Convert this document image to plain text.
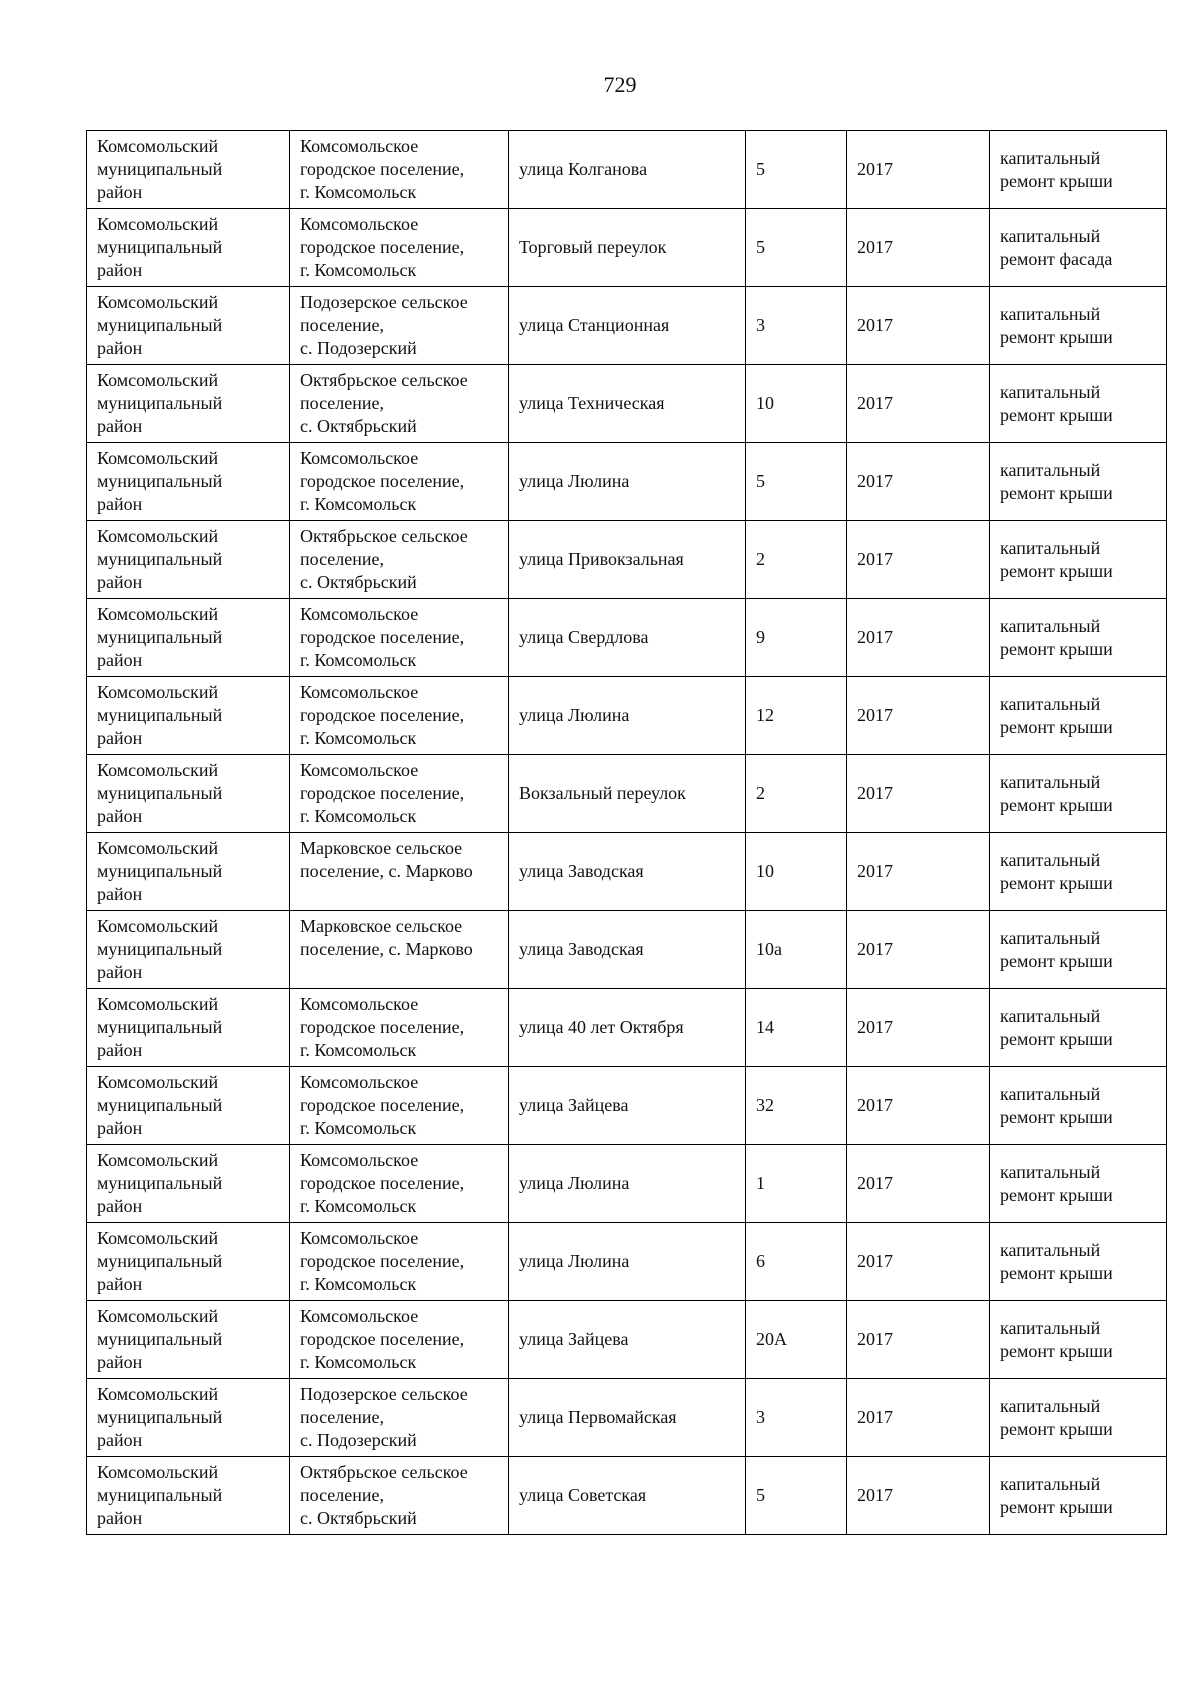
729
Комсомольский
муниципальный
район	Комсомольское
городское поселение,
г. Комсомольск	улица Колганова	5	2017	капитальный
ремонт крыши
Комсомольский
муниципальный
район	Комсомольское
городское поселение,
г. Комсомольск	Торговый переулок	5	2017	капитальный
ремонт фасада
Комсомольский
муниципальный
район	Подозерское сельское
поселение,
с. Подозерский	улица Станционная	3	2017	капитальный
ремонт крыши
Комсомольский
муниципальный
район	Октябрьское сельское
поселение,
с. Октябрьский	улица Техническая	10	2017	капитальный
ремонт крыши
Комсомольский
муниципальный
район	Комсомольское
городское поселение,
г. Комсомольск	улица Люлина	5	2017	капитальный
ремонт крыши
Комсомольский
муниципальный
район	Октябрьское сельское
поселение,
с. Октябрьский	улица Привокзальная	2	2017	капитальный
ремонт крыши
Комсомольский
муниципальный
район	Комсомольское
городское поселение,
г. Комсомольск	улица Свердлова	9	2017	капитальный
ремонт крыши
Комсомольский
муниципальный
район	Комсомольское
городское поселение,
г. Комсомольск	улица Люлина	12	2017	капитальный
ремонт крыши
Комсомольский
муниципальный
район	Комсомольское
городское поселение,
г. Комсомольск	Вокзальный переулок	2	2017	капитальный
ремонт крыши
Комсомольский
муниципальный
район	Марковское сельское
поселение, с. Марково	улица Заводская	10	2017	капитальный
ремонт крыши
Комсомольский
муниципальный
район	Марковское сельское
поселение, с. Марково	улица Заводская	10а	2017	капитальный
ремонт крыши
Комсомольский
муниципальный
район	Комсомольское
городское поселение,
г. Комсомольск	улица 40 лет Октября	14	2017	капитальный
ремонт крыши
Комсомольский
муниципальный
район	Комсомольское
городское поселение,
г. Комсомольск	улица Зайцева	32	2017	капитальный
ремонт крыши
Комсомольский
муниципальный
район	Комсомольское
городское поселение,
г. Комсомольск	улица Люлина	1	2017	капитальный
ремонт крыши
Комсомольский
муниципальный
район	Комсомольское
городское поселение,
г. Комсомольск	улица Люлина	6	2017	капитальный
ремонт крыши
Комсомольский
муниципальный
район	Комсомольское
городское поселение,
г. Комсомольск	улица Зайцева	20А	2017	капитальный
ремонт крыши
Комсомольский
муниципальный
район	Подозерское сельское
поселение,
с. Подозерский	улица Первомайская	3	2017	капитальный
ремонт крыши
Комсомольский
муниципальный
район	Октябрьское сельское
поселение,
с. Октябрьский	улица Советская	5	2017	капитальный
ремонт крыши
